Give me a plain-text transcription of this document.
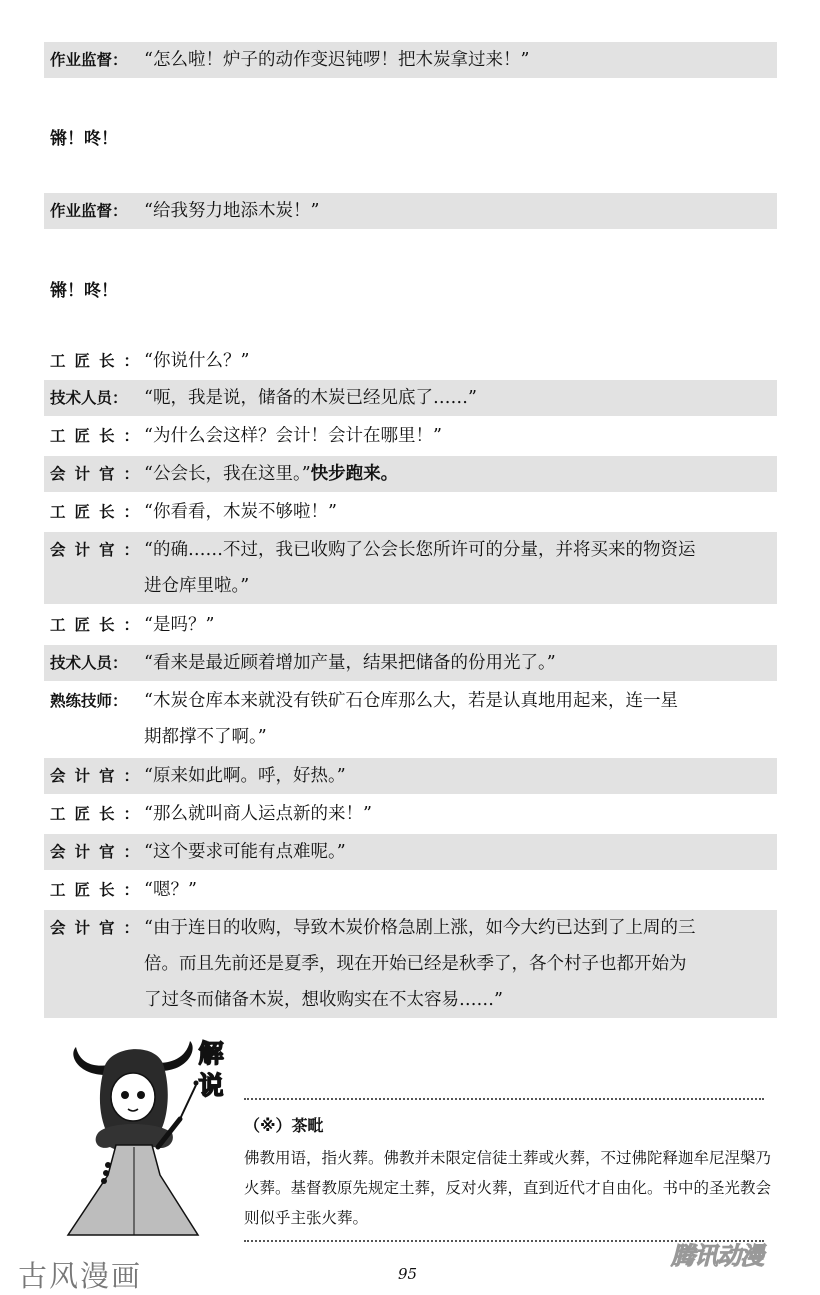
作业监督： “怎么啦！炉子的动作变迟钝啰！把木炭拿过来！”
锵！咚！
作业监督： “给我努力地添木炭！”
锵！咚！
工匠长：
“你说什么？”
技术人员： “呃，我是说，储备的木炭已经见底了……”
工匠长：
“为什么会这样？会计！会计在哪里！”
会计官：
“公会长，我在这里。”快步跑来。
工匠长：
“你看看，木炭不够啦！”
会计官：
“的确……不过，我已收购了公会长您所许可的分量，并将买来的物资运
进仓库里啦。”
工匠长：
“是吗？”
技术人员： “看来是最近顾着增加产量，结果把储备的份用光了。”
熟练技师： “木炭仓库本来就没有铁矿石仓库那么大，若是认真地用起来，连一星
期都撑不了啊。”
会计官：
“原来如此啊。呼，好热。”
工匠长：
“那么就叫商人运点新的来！”
会计官：
“这个要求可能有点难呢。”
工匠长：
“嗯？”
会计官：
“由于连日的收购，导致木炭价格急剧上涨，如今大约已达到了上周的三
倍。而且先前还是夏季，现在开始已经是秋季了，各个村子也都开始为
了过冬而储备木炭，想收购实在不太容易……”
解
说
（※）茶毗
佛教用语，指火葬。佛教并未限定信徒土葬或火葬，不过佛陀释迦牟尼涅槃乃火葬。基督教原先规定土葬，反对火葬，直到近代才自由化。书中的圣光教会则似乎主张火葬。
古风漫画	95
腾讯动漫
